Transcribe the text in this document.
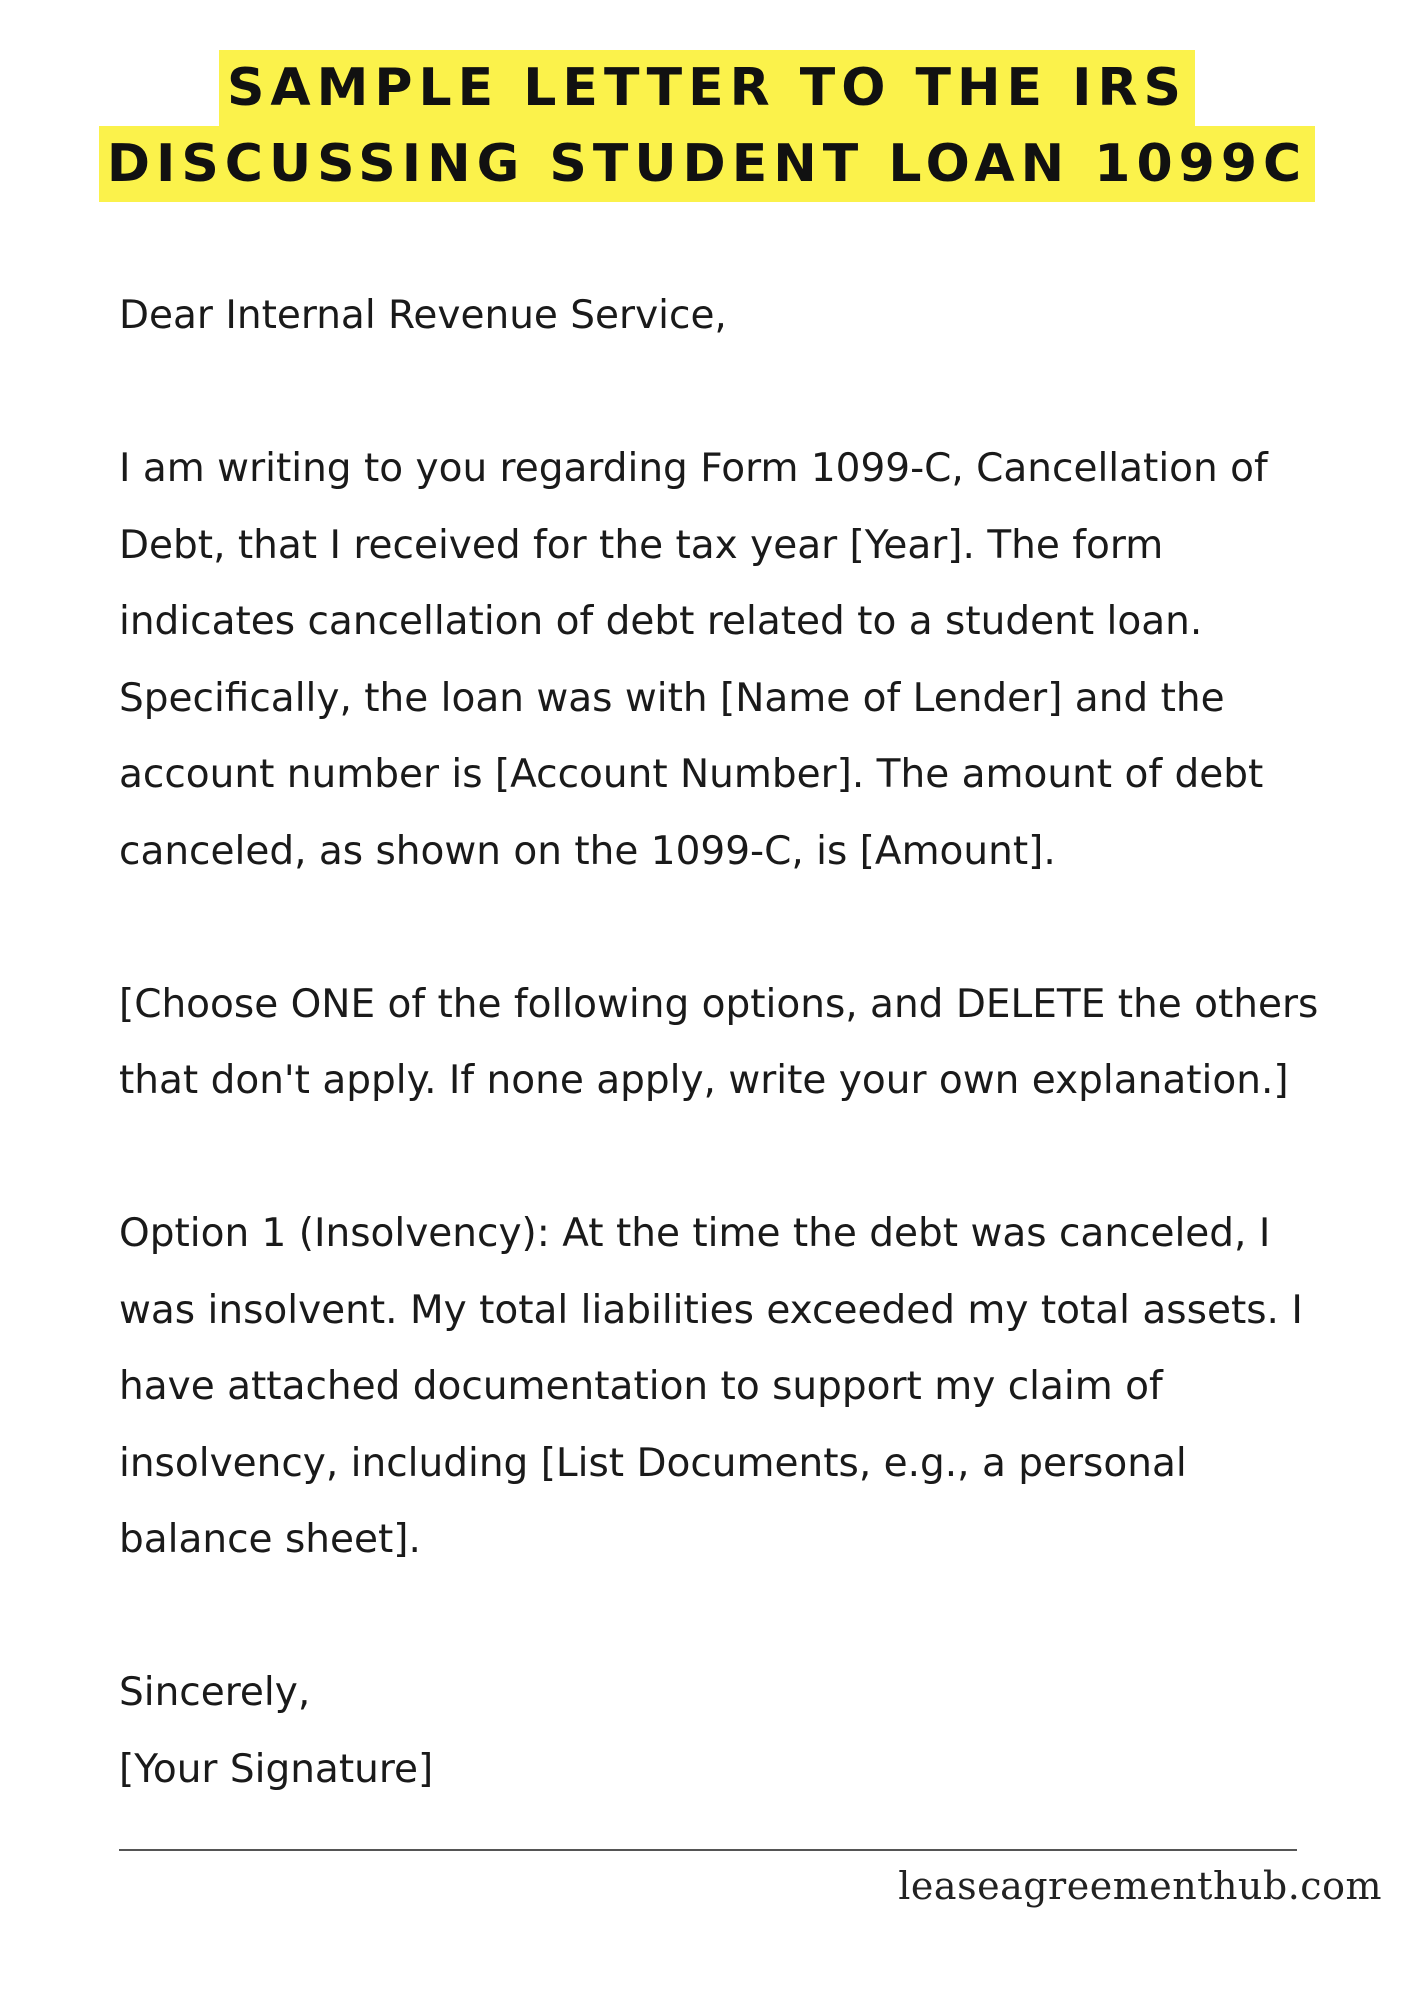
SAMPLE LETTER TO THE IRS
DISCUSSING STUDENT LOAN 1099C

Dear Internal Revenue Service,

I am writing to you regarding Form 1099-C, Cancellation of Debt, that I received for the tax year [Year]. The form indicates cancellation of debt related to a student loan. Specifically, the loan was with [Name of Lender] and the account number is [Account Number]. The amount of debt canceled, as shown on the 1099-C, is [Amount].

[Choose ONE of the following options, and DELETE the others that don't apply. If none apply, write your own explanation.]

Option 1 (Insolvency): At the time the debt was canceled, I was insolvent. My total liabilities exceeded my total assets. I have attached documentation to support my claim of insolvency, including [List Documents, e.g., a personal balance sheet].

Sincerely,
[Your Signature]
leaseagreementhub.com
